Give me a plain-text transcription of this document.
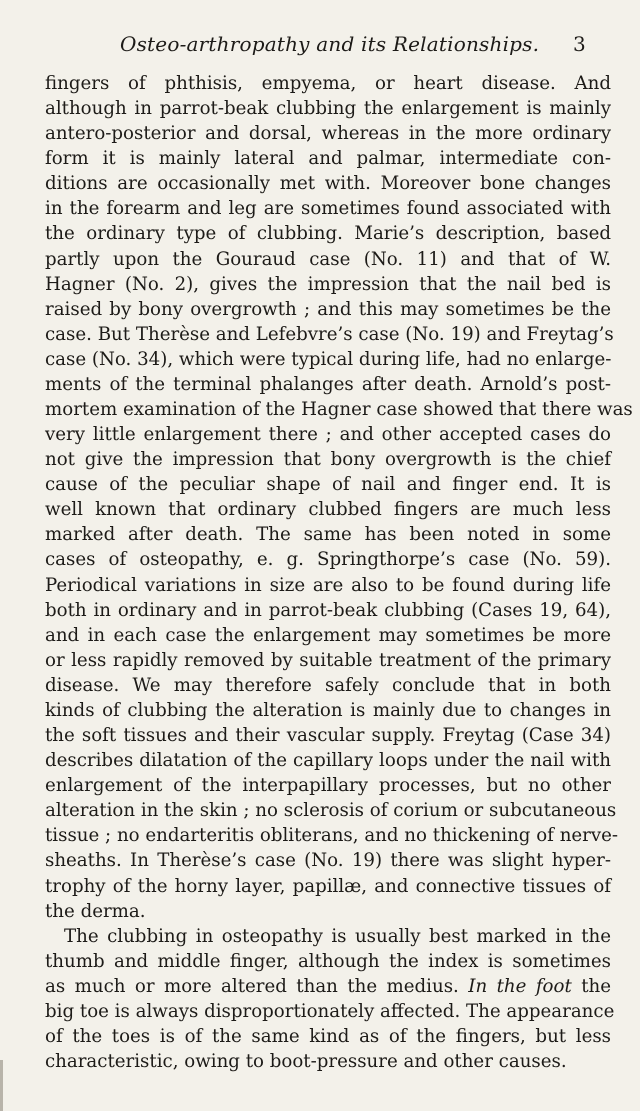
Osteo-arthropathy and its Relationships. 3
fingers of phthisis, empyema, or heart disease. And
although in parrot-beak clubbing the enlargement is mainly
antero-posterior and dorsal, whereas in the more ordinary
form it is mainly lateral and palmar, intermediate con-
ditions are occasionally met with. Moreover bone changes
in the forearm and leg are sometimes found associated with
the ordinary type of clubbing. Marie’s description, based
partly upon the Gouraud case (No. 11) and that of W.
Hagner (No. 2), gives the impression that the nail bed is
raised by bony overgrowth ; and this may sometimes be the
case. But Therèse and Lefebvre’s case (No. 19) and Freytag’s
case (No. 34), which were typical during life, had no enlarge-
ments of the terminal phalanges after death. Arnold’s post-
mortem examination of the Hagner case showed that there was
very little enlargement there ; and other accepted cases do
not give the impression that bony overgrowth is the chief
cause of the peculiar shape of nail and finger end. It is
well known that ordinary clubbed fingers are much less
marked after death. The same has been noted in some
cases of osteopathy, e. g. Springthorpe’s case (No. 59).
Periodical variations in size are also to be found during life
both in ordinary and in parrot-beak clubbing (Cases 19, 64),
and in each case the enlargement may sometimes be more
or less rapidly removed by suitable treatment of the primary
disease. We may therefore safely conclude that in both
kinds of clubbing the alteration is mainly due to changes in
the soft tissues and their vascular supply. Freytag (Case 34)
describes dilatation of the capillary loops under the nail with
enlargement of the interpapillary processes, but no other
alteration in the skin ; no sclerosis of corium or subcutaneous
tissue ; no endarteritis obliterans, and no thickening of nerve-
sheaths. In Therèse’s case (No. 19) there was slight hyper-
trophy of the horny layer, papillæ, and connective tissues of
the derma.
The clubbing in osteopathy is usually best marked in the
thumb and middle finger, although the index is sometimes
as much or more altered than the medius. In the foot the
big toe is always disproportionately affected. The appearance
of the toes is of the same kind as of the fingers, but less
characteristic, owing to boot-pressure and other causes.
